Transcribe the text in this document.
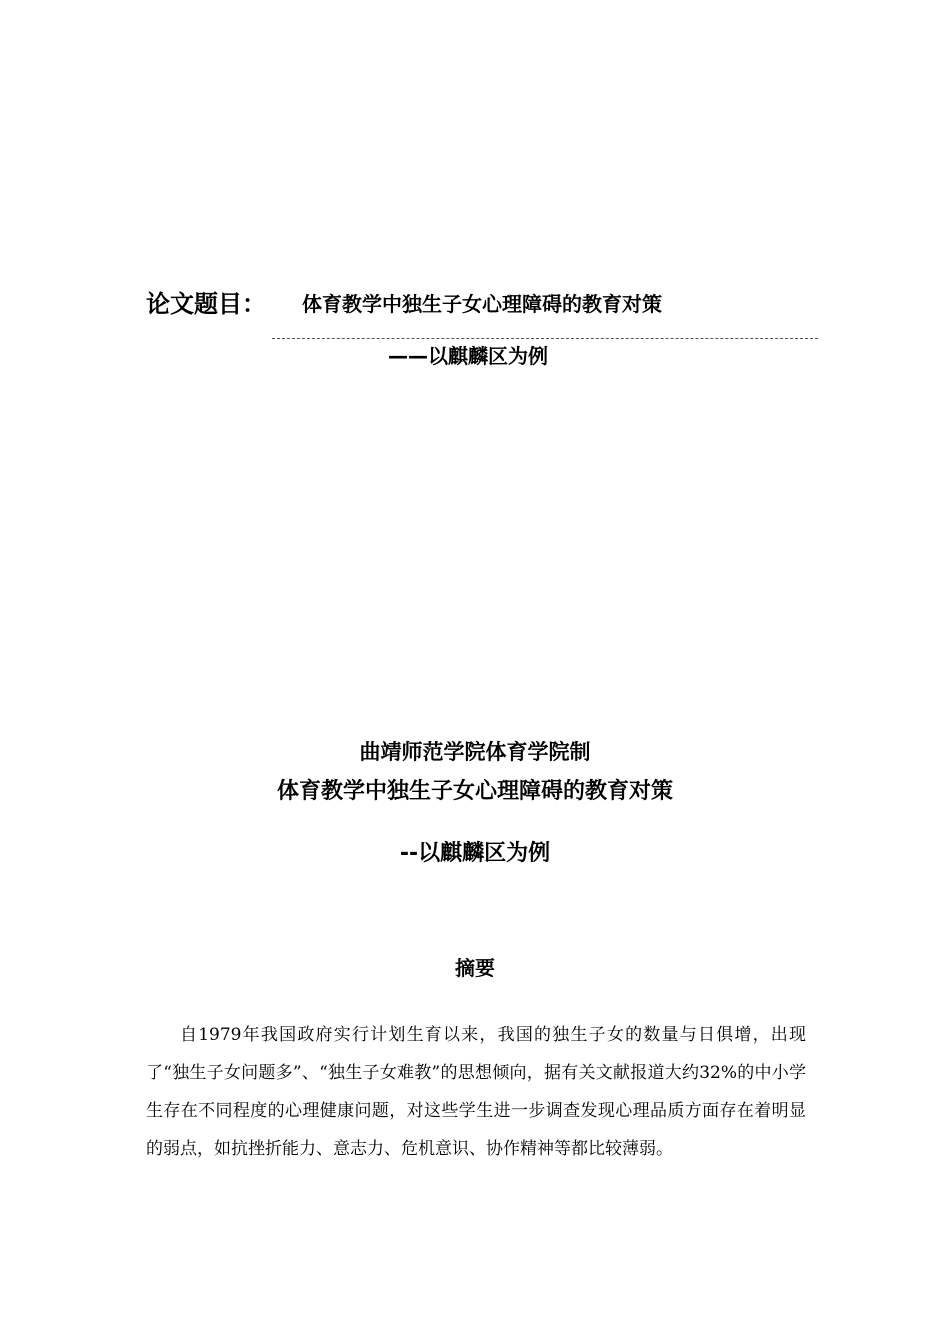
论文题目： 体育教学中独生子女心理障碍的教育对策
——以麒麟区为例
曲靖师范学院体育学院制
体育教学中独生子女心理障碍的教育对策
--以麒麟区为例
摘要

自1979年我国政府实行计划生育以来，我国的独生子女的数量与日俱增，出现了“独生子女问题多”、“独生子女难教”的思想倾向，据有关文献报道大约32%的中小学生存在不同程度的心理健康问题，对这些学生进一步调查发现心理品质方面存在着明显的弱点，如抗挫折能力、意志力、危机意识、协作精神等都比较薄弱。
